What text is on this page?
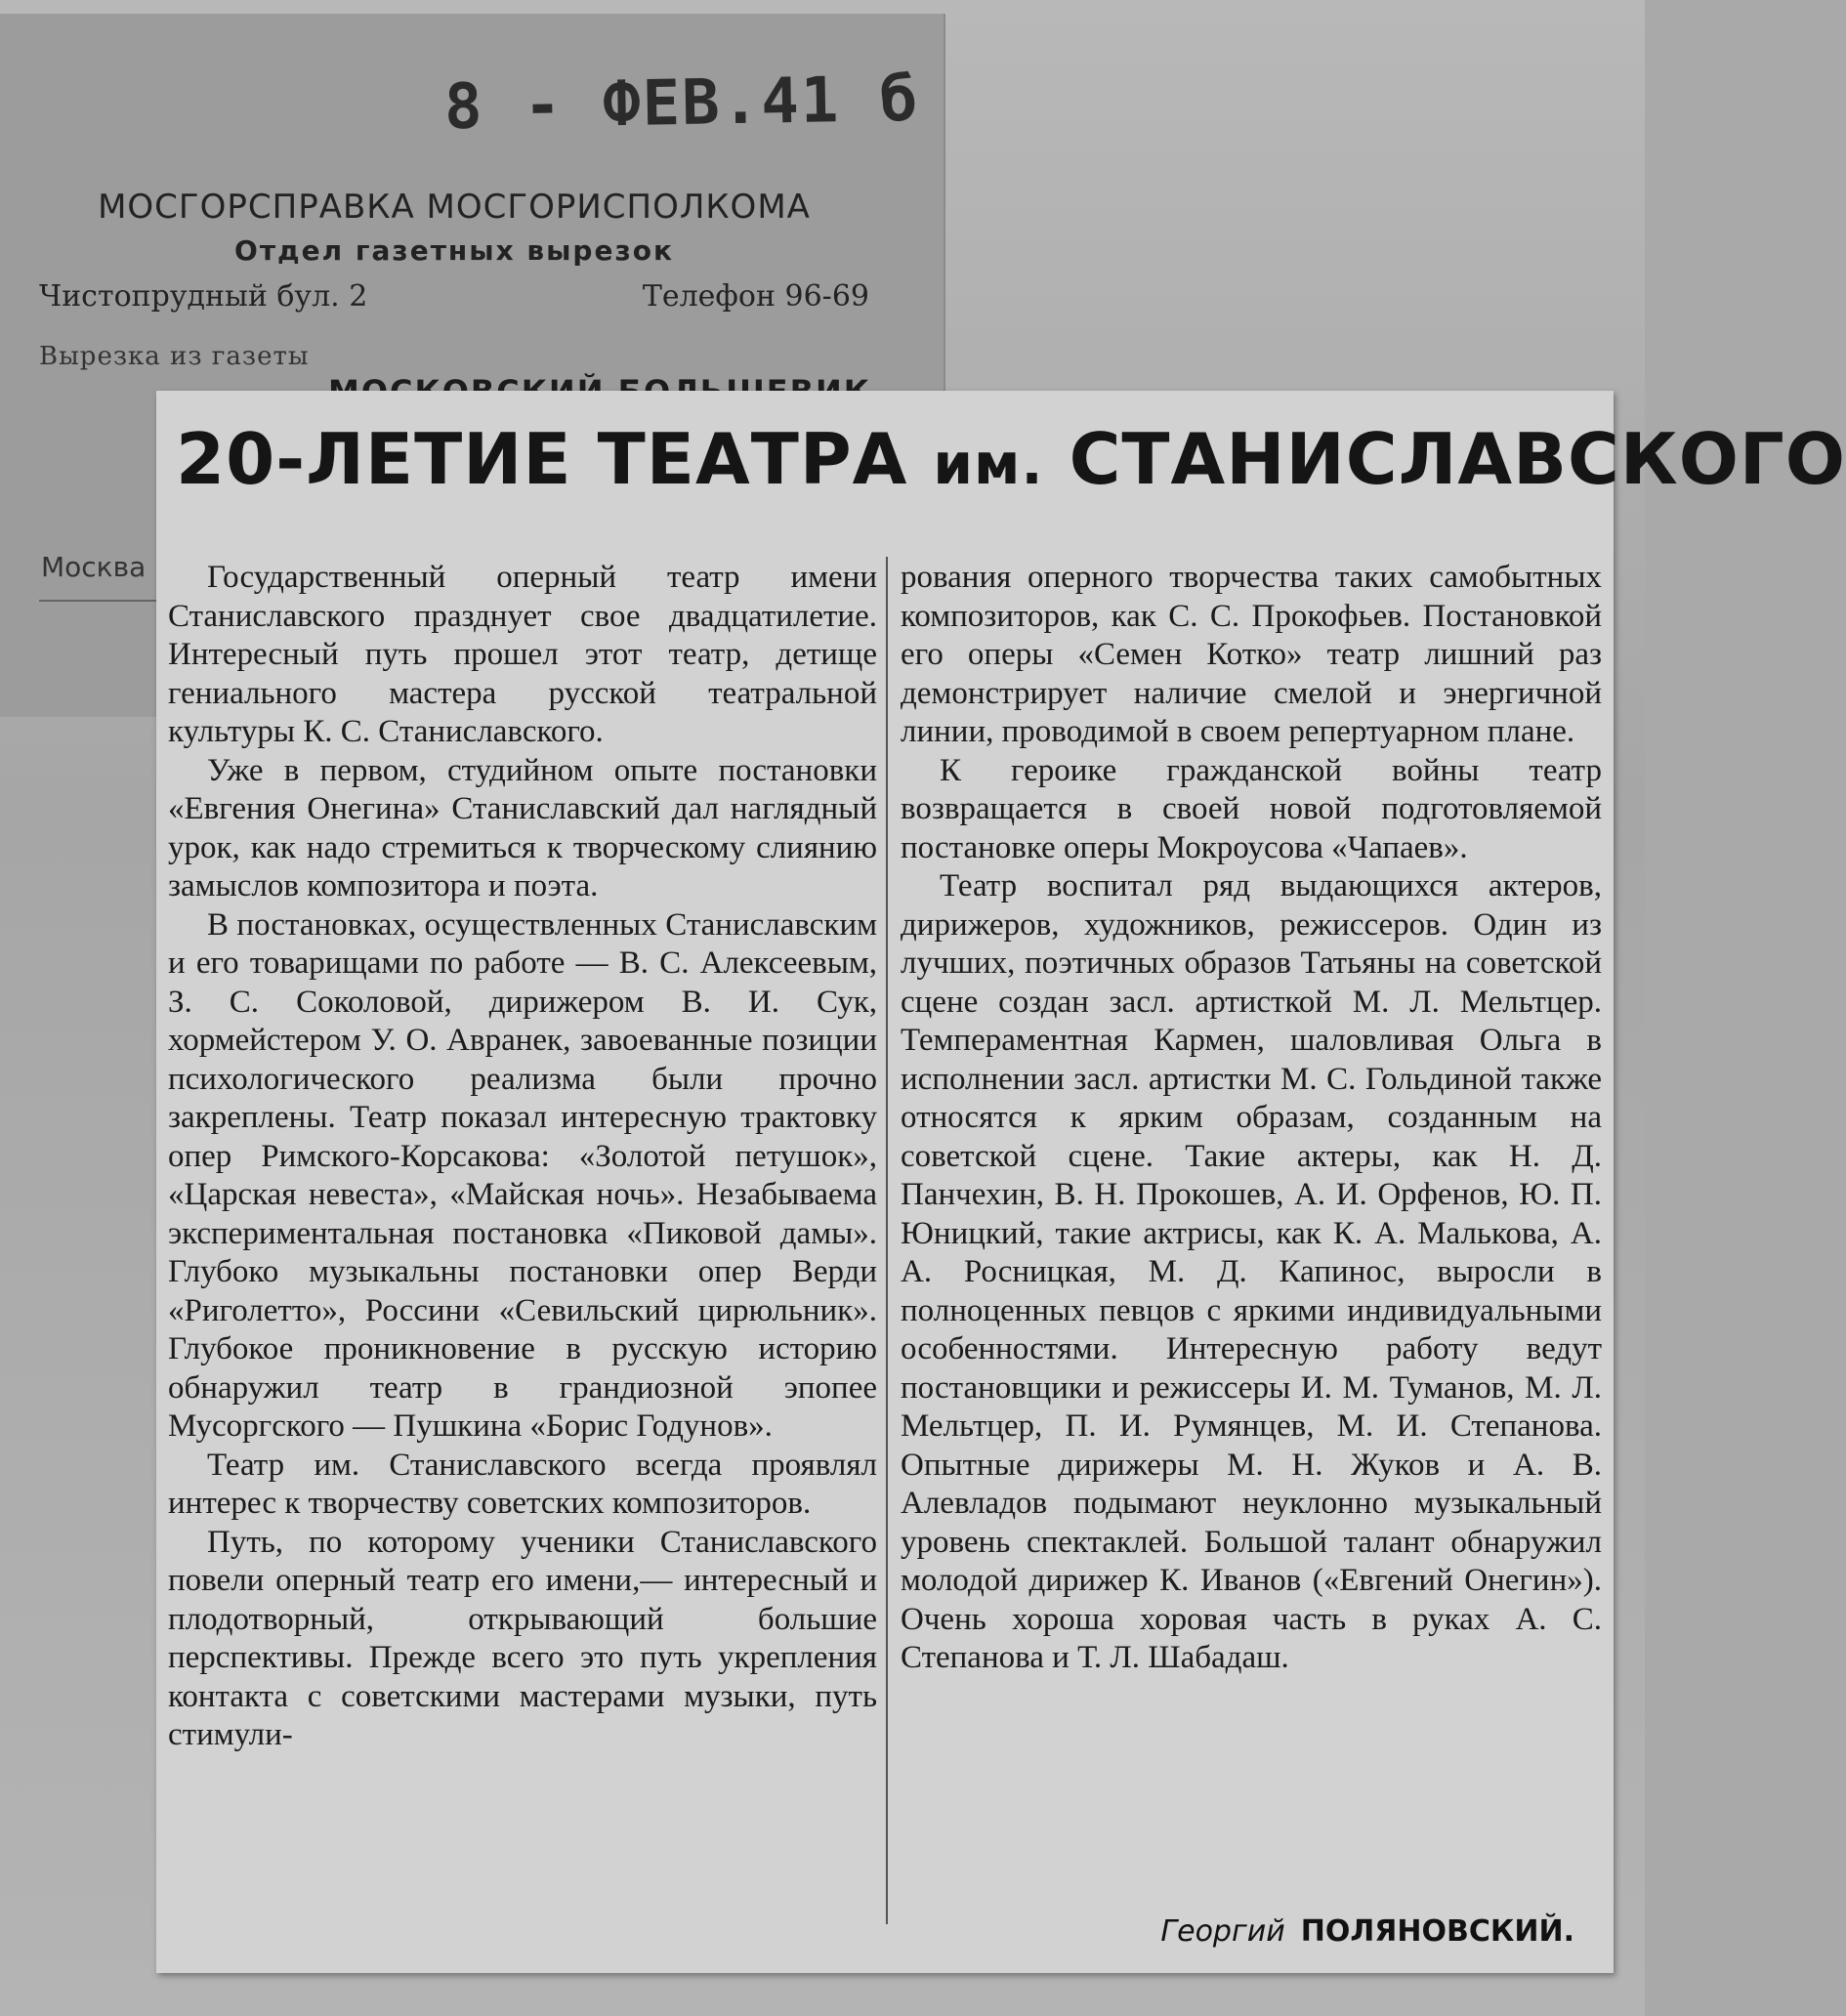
8 - ФЕВ.41 б
МОСГОРСПРАВКА МОСГОРИСПОЛКОМА
Отдел газетных вырезок
Чистопрудный бул. 2	Телефон 96-69
Вырезка из газеты
Москва
20-ЛЕТИЕ ТЕАТРА им. СТАНИСЛАВСКОГО

Государственный оперный театр имени Станиславского празднует свое двадцатилетие. Интересный путь прошел этот театр, детище гениального мастера русской театральной культуры К. С. Станиславского.

Уже в первом, студийном опыте постановки «Евгения Онегина» Станиславский дал наглядный урок, как надо стремиться к творческому слиянию замыслов композитора и поэта.

В постановках, осуществленных Станиславским и его товарищами по работе — В. С. Алексеевым, З. С. Соколовой, дирижером В. И. Сук, хормейстером У. О. Авранек, завоеванные позиции психологического реализма были прочно закреплены. Театр показал интересную трактовку опер Римского-Корсакова: «Золотой петушок», «Царская невеста», «Майская ночь». Незабываема экспериментальная постановка «Пиковой дамы». Глубоко музыкальны постановки опер Верди «Риголетто», Россини «Севильский цирюльник». Глубокое проникновение в русскую историю обнаружил театр в грандиозной эпопее Мусоргского — Пушкина «Борис Годунов».

Театр им. Станиславского всегда проявлял интерес к творчеству советских композиторов.

Путь, по которому ученики Станиславского повели оперный театр его имени,— интересный и плодотворный, открывающий большие перспективы. Прежде всего это путь укрепления контакта с советскими мастерами музыки, путь стимули-

рования оперного творчества таких самобытных композиторов, как С. С. Прокофьев. Постановкой его оперы «Семен Котко» театр лишний раз демонстрирует наличие смелой и энергичной линии, проводимой в своем репертуарном плане.

К героике гражданской войны театр возвращается в своей новой подготовляемой постановке оперы Мокроусова «Чапаев».

Театр воспитал ряд выдающихся актеров, дирижеров, художников, режиссеров. Один из лучших, поэтичных образов Татьяны на советской сцене создан засл. артисткой М. Л. Мельтцер. Темпераментная Кармен, шаловливая Ольга в исполнении засл. артистки М. С. Гольдиной также относятся к ярким образам, созданным на советской сцене. Такие актеры, как Н. Д. Панчехин, В. Н. Прокошев, А. И. Орфенов, Ю. П. Юницкий, такие актрисы, как К. А. Малькова, А. А. Росницкая, М. Д. Капинос, выросли в полноценных певцов с яркими индивидуальными особенностями. Интересную работу ведут постановщики и режиссеры И. М. Туманов, М. Л. Мельтцер, П. И. Румянцев, М. И. Степанова. Опытные дирижеры М. Н. Жуков и А. В. Алевладов подымают неуклонно музыкальный уровень спектаклей. Большой талант обнаружил молодой дирижер К. Иванов («Евгений Онегин»). Очень хороша хоровая часть в руках А. С. Степанова и Т. Л. Шабадаш.

Георгий ПОЛЯНОВСКИЙ.
